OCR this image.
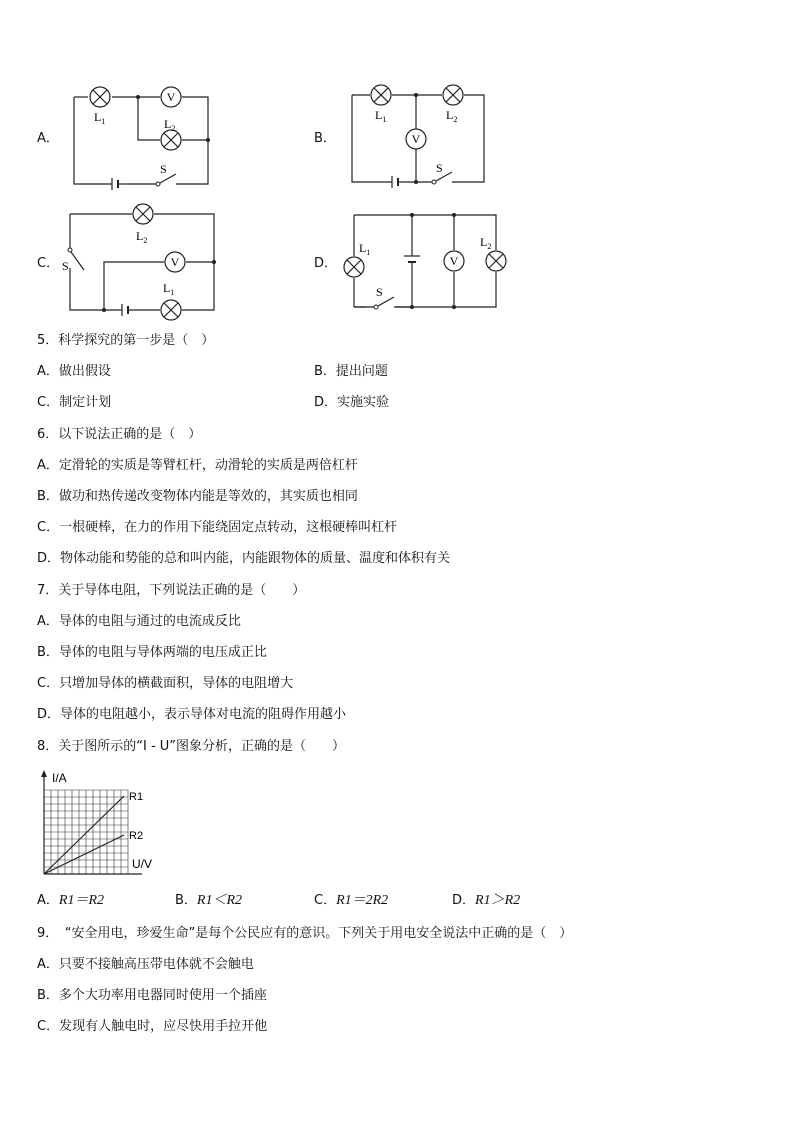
A．
V
$L_1$	$L_2$
S
V
$L_1$	$L_2$
S
V
$L_2$
$L_1$
S	V
$L_1$
$L_2$
S
B．
C．	D．
5．科学探究的第一步是（　）
A．做出假设	B．提出问题
C．制定计划	D．实施实验
6．以下说法正确的是（　）
A．定滑轮的实质是等臂杠杆，动滑轮的实质是两倍杠杆
B．做功和热传递改变物体内能是等效的，其实质也相同
C．一根硬棒，在力的作用下能绕固定点转动，这根硬棒叫杠杆
D．物体动能和势能的总和叫内能，内能跟物体的质量、温度和体积有关
7．关于导体电阻，下列说法正确的是（　　）
A．导体的电阻与通过的电流成反比
B．导体的电阻与导体两端的电压成正比
C．只增加导体的横截面积，导体的电阻增大
D．导体的电阻越小，表示导体对电流的阻碍作用越小
8．关于图所示的“I - U”图象分析，正确的是（　　）
I/A
U/V
R1
R2
A．R1＝R2	B．R1＜R2	C．R1＝2R2	D．R1＞R2
9．　“安全用电，珍爱生命”是每个公民应有的意识。下列关于用电安全说法中正确的是（　）
A．只要不接触高压带电体就不会触电
B．多个大功率用电器同时使用一个插座
C．发现有人触电时，应尽快用手拉开他
